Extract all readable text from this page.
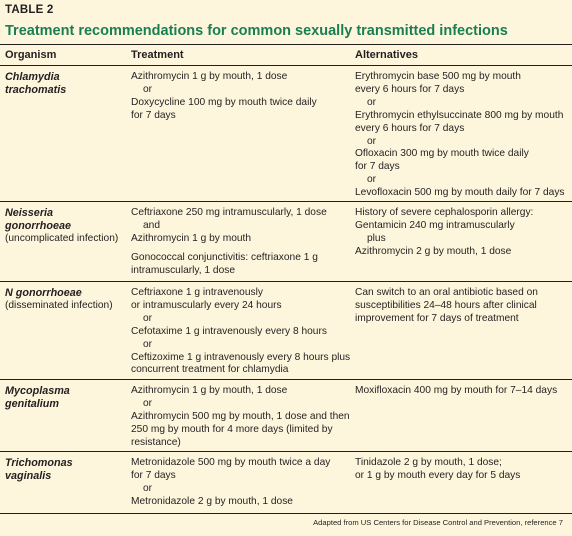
TABLE 2
Treatment recommendations for common sexually transmitted infections
Organism	Treatment	Alternatives
Chlamydia
trachomatis
Azithromycin 1 g by mouth, 1 dose
or
Doxycycline 100 mg by mouth twice daily
for 7 days
Erythromycin base 500 mg by mouth
every 6 hours for 7 days
or
Erythromycin ethylsuccinate 800 mg by mouth
every 6 hours for 7 days
or
Ofloxacin 300 mg by mouth twice daily
for 7 days
or
Levofloxacin 500 mg by mouth daily for 7 days
Neisseria
gonorrhoeae
(uncomplicated infection)
Ceftriaxone 250 mg intramuscularly, 1 dose
and
Azithromycin 1 g by mouth
Gonococcal conjunctivitis: ceftriaxone 1 g
intramuscularly, 1 dose
History of severe cephalosporin allergy:
Gentamicin 240 mg intramuscularly
plus
Azithromycin 2 g by mouth, 1 dose
N gonorrhoeae
(disseminated infection)
Ceftriaxone 1 g intravenously
or intramuscularly every 24 hours
or
Cefotaxime 1 g intravenously every 8 hours
or
Ceftizoxime 1 g intravenously every 8 hours plus
concurrent treatment for chlamydia
Can switch to an oral antibiotic based on
susceptibilities 24–48 hours after clinical
improvement for 7 days of treatment
Mycoplasma
genitalium
Azithromycin 1 g by mouth, 1 dose
or
Azithromycin 500 mg by mouth, 1 dose and then
250 mg by mouth for 4 more days (limited by
resistance)
Moxifloxacin 400 mg by mouth for 7–14 days
Trichomonas
vaginalis
Metronidazole 500 mg by mouth twice a day
for 7 days
or
Metronidazole 2 g by mouth, 1 dose
Tinidazole 2 g by mouth, 1 dose;
or 1 g by mouth every day for 5 days
Adapted from US Centers for Disease Control and Prevention, reference 7
